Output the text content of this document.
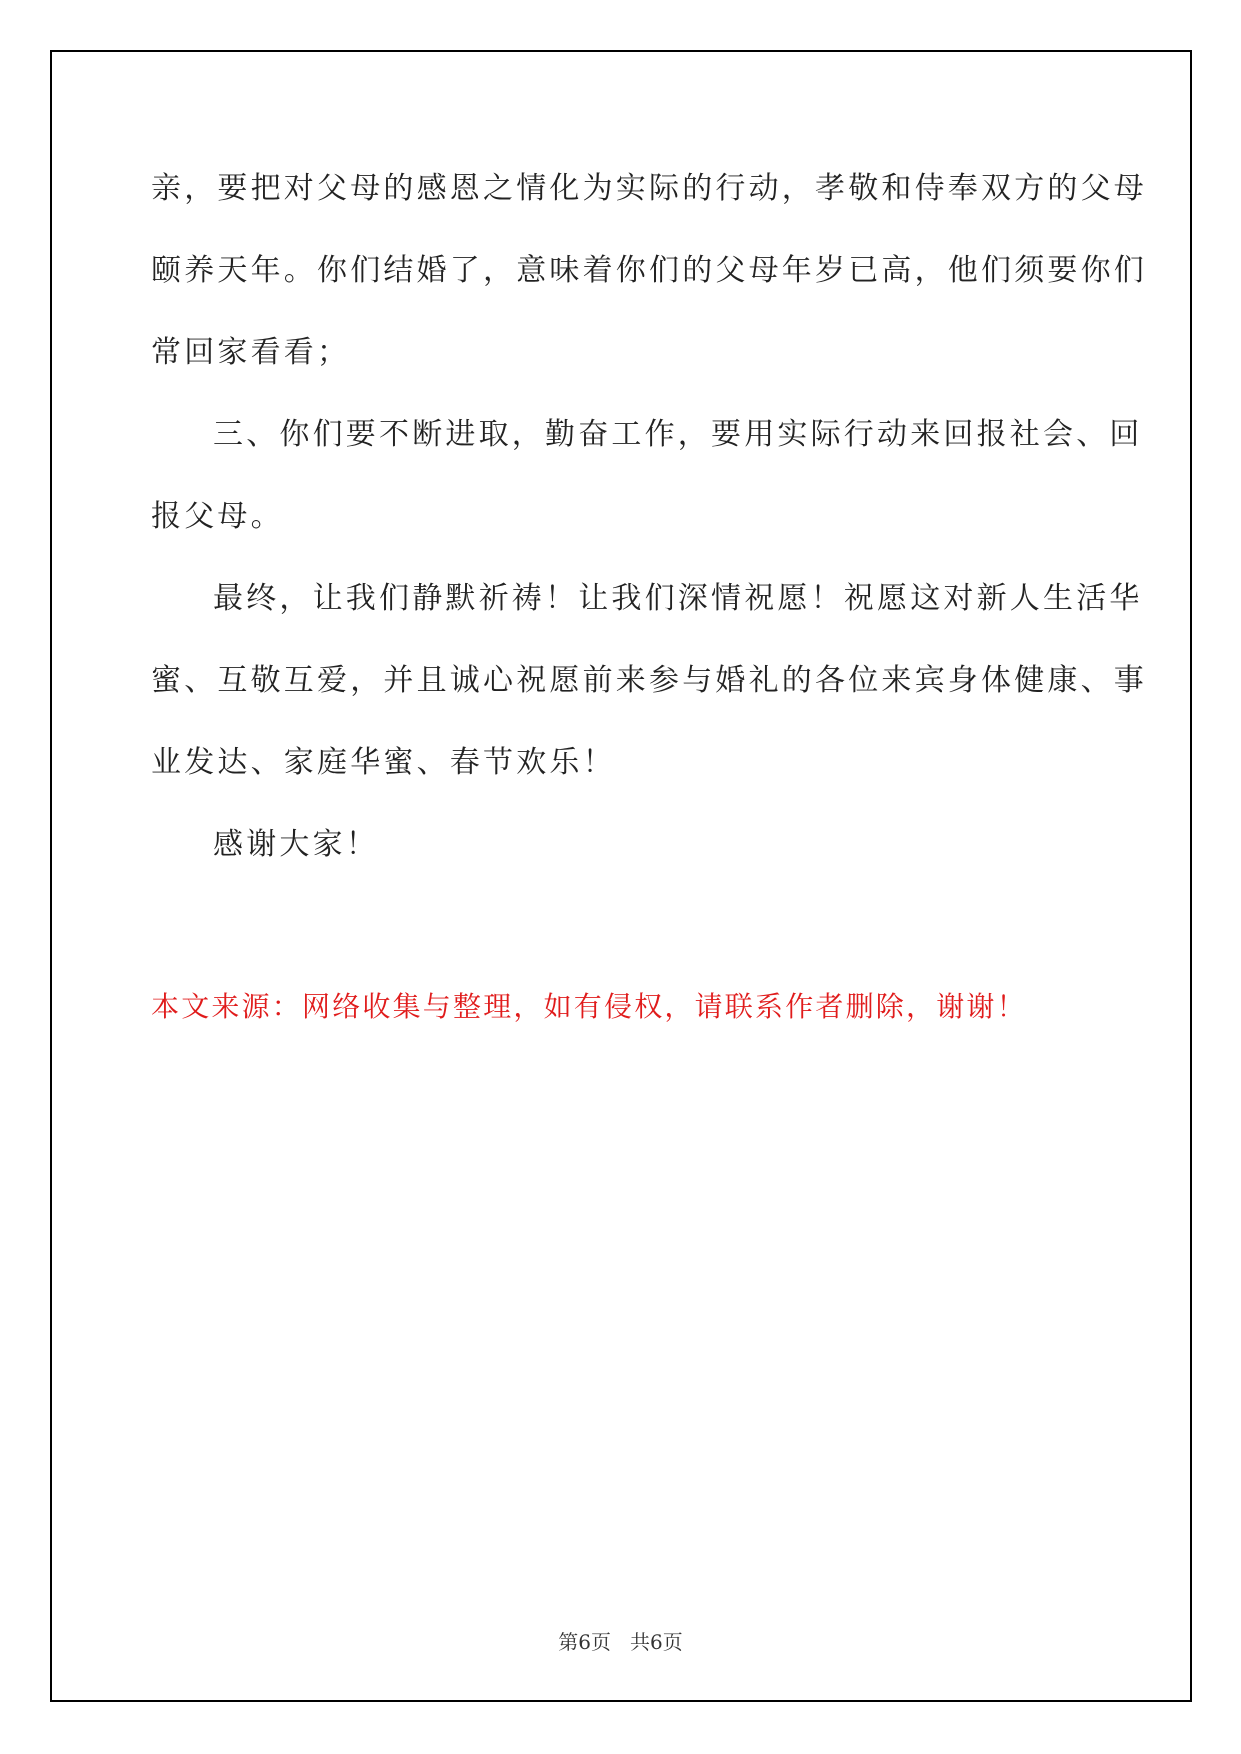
亲，要把对父母的感恩之情化为实际的行动，孝敬和侍奉双方的父母
颐养天年。你们结婚了，意味着你们的父母年岁已高，他们须要你们
常回家看看；
三、你们要不断进取，勤奋工作，要用实际行动来回报社会、回
报父母。
最终，让我们静默祈祷！让我们深情祝愿！祝愿这对新人生活华
蜜、互敬互爱，并且诚心祝愿前来参与婚礼的各位来宾身体健康、事
业发达、家庭华蜜、春节欢乐！
感谢大家！
本文来源：网络收集与整理，如有侵权，请联系作者删除，谢谢！
第6页   共6页
